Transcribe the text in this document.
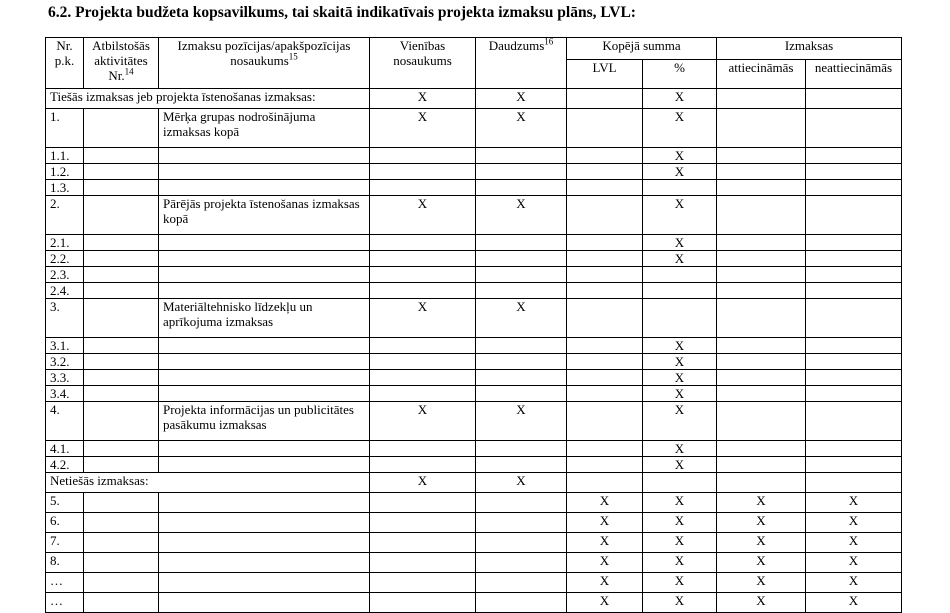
6.2. Projekta budžeta kopsavilkums, tai skaitā indikatīvais projekta izmaksu plāns, LVL:
Nr. p.k.	Atbilstošās aktivitātes Nr.$^{14}$	Izmaksu pozīcijas/apakšpozīcijas nosaukums$^{15}$	Vienības nosaukums	Daudzums$^{16}$	Kopējā summa		Izmaksas	
					LVL	%	attiecināmās	neattiecināmās
Tiešās izmaksas jeb projekta īstenošanas izmaksas:			X	X		X		
1.		Mērķa grupas nodrošinājuma izmaksas kopā	X	X		X		
1.1.						X		
1.2.						X		
1.3.								
2.		Pārējās projekta īstenošanas izmaksas kopā	X	X		X		
2.1.						X		
2.2.						X		
2.3.								
2.4.								
3.		Materiāltehnisko līdzekļu un aprīkojuma izmaksas	X	X				
3.1.						X		
3.2.						X		
3.3.						X		
3.4.						X		
4.		Projekta informācijas un publicitātes pasākumu izmaksas	X	X		X		
4.1.						X		
4.2.						X		
Netiešās izmaksas:			X	X				
5.					X	X	X	X
6.					X	X	X	X
7.					X	X	X	X
8.					X	X	X	X
…					X	X	X	X
…					X	X	X	X
